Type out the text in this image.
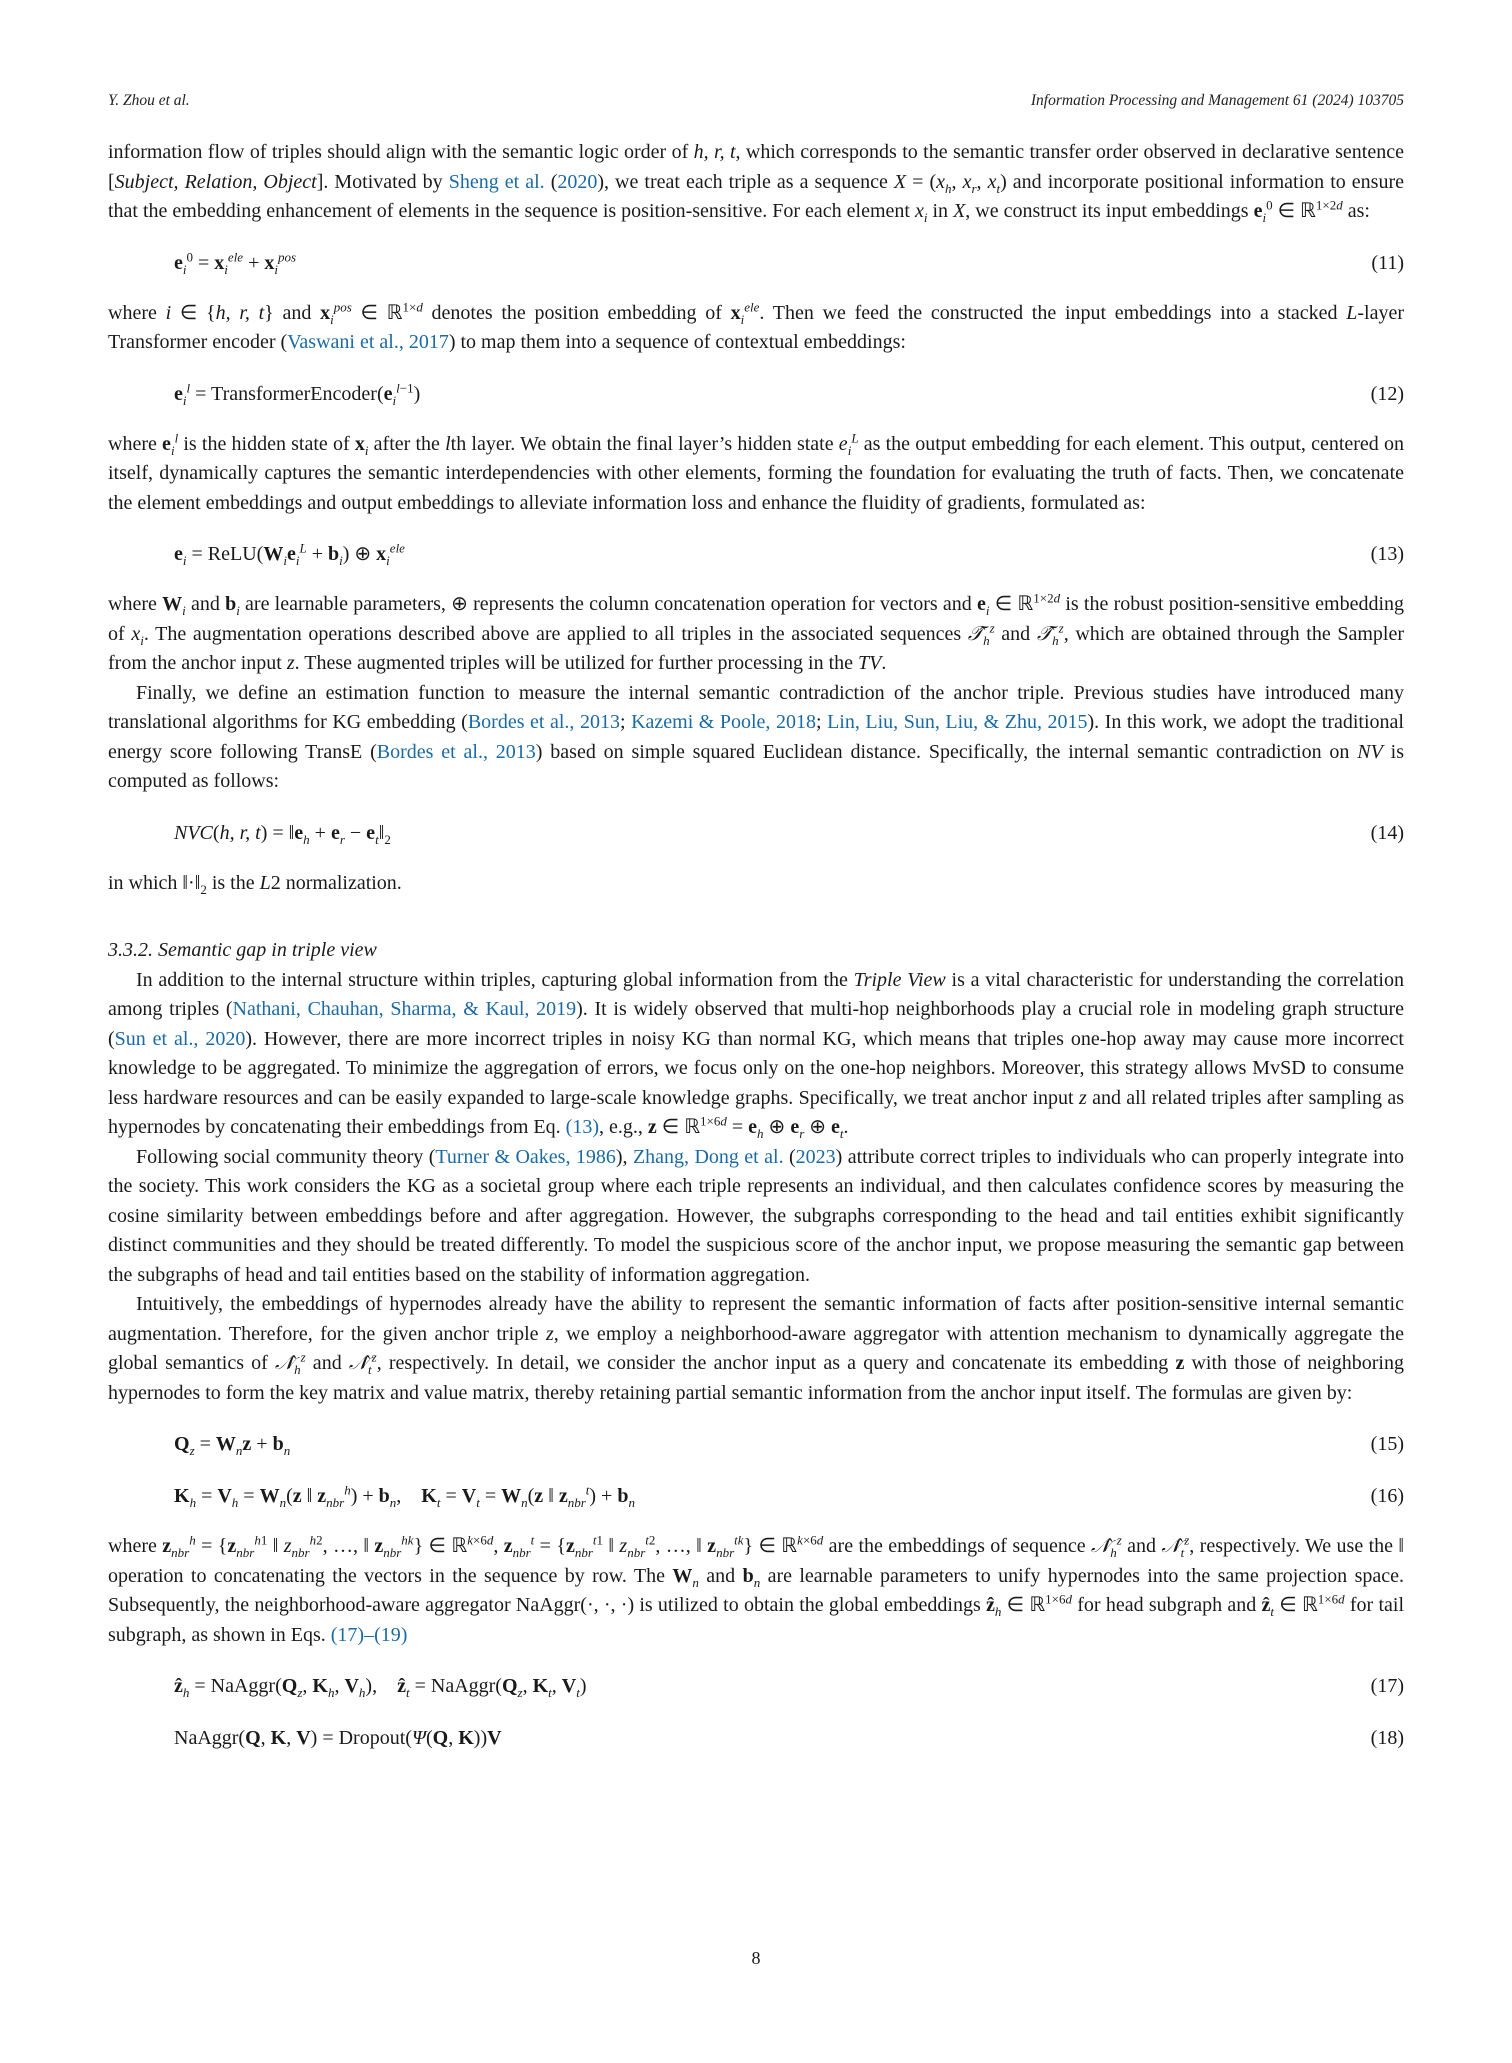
Y. Zhou et al.	Information Processing and Management 61 (2024) 103705

information flow of triples should align with the semantic logic order of h, r, t, which corresponds to the semantic transfer order observed in declarative sentence [Subject, Relation, Object]. Motivated by Sheng et al. (2020), we treat each triple as a sequence $X = (x_h$, $x_r$, $x_t$) and incorporate positional information to ensure that the embedding enhancement of elements in the sequence is position-sensitive. For each element $x_i$ in X, we construct its input embeddings $e_i^0$ ∈ ℝ$^{1\times 2d}$ as:

$e_i^0 = x_i^{ele} + x_i^{pos}$	(11)

where i ∈ {h, r, t} and $x_i^{pos}$ ∈ ℝ$^{1\times d}$ denotes the position embedding of $x_i^{ele}$. Then we feed the constructed the input embeddings into a stacked L-layer Transformer encoder (Vaswani et al., 2017) to map them into a sequence of contextual embeddings:

$e_i^l$ = $TransformerEncoder(e_i^{l-1})$	(12)

where $e_i^l$ is the hidden state of $x_i$ after the lth layer. We obtain the final layer’s hidden state $e_i^L$ as the output embedding for each element. This output, centered on itself, dynamically captures the semantic interdependencies with other elements, forming the foundation for evaluating the truth of facts. Then, we concatenate the element embeddings and output embeddings to alleviate information loss and enhance the fluidity of gradients, formulated as:

$e_i$ = $ReLU(W_ie_i^L + b_i)$ ⊕ $x_i^{ele}$	(13)

where $W_i$ and $b_i$ are learnable parameters, ⊕ represents the column concatenation operation for vectors and $e_i$ ∈ ℝ$^{1\times 2d}$ is the robust position-sensitive embedding of $x_i$. The augmentation operations described above are applied to all triples in the associated sequences $𝒯̂_h^z$ and $𝒯̂_h^z$, which are obtained through the Sampler from the anchor input z. These augmented triples will be utilized for further processing in the TV.

Finally, we define an estimation function to measure the internal semantic contradiction of the anchor triple. Previous studies have introduced many translational algorithms for KG embedding (Bordes et al., 2013; Kazemi & Poole, 2018; Lin, Liu, Sun, Liu, & Zhu, 2015). In this work, we adopt the traditional energy score following TransE (Bordes et al., 2013) based on simple squared Euclidean distance. Specifically, the internal semantic contradiction on NV is computed as follows:

NVC(h, r, $t) = ‖e_h + e_r$ − $e_t‖_2$	(14)

in which $‖\cdot‖_2$ is the L2 normalization.

3.3.2. Semantic gap in triple view

In addition to the internal structure within triples, capturing global information from the Triple View is a vital characteristic for understanding the correlation among triples (Nathani, Chauhan, Sharma, & Kaul, 2019). It is widely observed that multi-hop neighborhoods play a crucial role in modeling graph structure (Sun et al., 2020). However, there are more incorrect triples in noisy KG than normal KG, which means that triples one-hop away may cause more incorrect knowledge to be aggregated. To minimize the aggregation of errors, we focus only on the one-hop neighbors. Moreover, this strategy allows MvSD to consume less hardware resources and can be easily expanded to large-scale knowledge graphs. Specifically, we treat anchor input z and all related triples after sampling as hypernodes by concatenating their embeddings from Eq. (13), e.g., z ∈ ℝ$^{1\times 6d}$ = $e_h$ ⊕ $e_r$ ⊕ $e_t$.

Following social community theory (Turner & Oakes, 1986), Zhang, Dong et al. (2023) attribute correct triples to individuals who can properly integrate into the society. This work considers the KG as a societal group where each triple represents an individual, and then calculates confidence scores by measuring the cosine similarity between embeddings before and after aggregation. However, the subgraphs corresponding to the head and tail entities exhibit significantly distinct communities and they should be treated differently. To model the suspicious score of the anchor input, we propose measuring the semantic gap between the subgraphs of head and tail entities based on the stability of information aggregation.

Intuitively, the embeddings of hypernodes already have the ability to represent the semantic information of facts after position-sensitive internal semantic augmentation. Therefore, for the given anchor triple z, we employ a neighborhood-aware aggregator with attention mechanism to dynamically aggregate the global semantics of $𝒩̂_h^z$ and $𝒩̂_t^z$, respectively. In detail, we consider the anchor input as a query and concatenate its embedding z with those of neighboring hypernodes to form the key matrix and value matrix, thereby retaining partial semantic information from the anchor input itself. The formulas are given by:

$Q_z = W_nz + b_n$	(15)
$K_h = V_h = W_n(z$ ‖ $z_{nbr}^h) + b_n$,    $K_t = V_t = W_n(z$ ‖ $z_{nbr}^t) + b_n$	(16)

where $z_{nbr}^h = \{z_{nbr}^{h1}$ ‖ $z_{nbr}^{h2}$, …, ‖ $z_{nbr}^{hk}$} ∈ ℝ$^{k\times 6d}$, $z_{nbr}^t = \{z_{nbr}^{t1}$ ‖ $z_{nbr}^{t2}$, …, ‖ $z_{nbr}^{tk}$} ∈ ℝ$^{k\times 6d}$ are the embeddings of sequence $𝒩̂_h^z$ and $𝒩̂_t^z$, respectively. We use the ‖ operation to concatenating the vectors in the sequence by row. The $W_n$ and $b_n$ are learnable parameters to unify hypernodes into the same projection space. Subsequently, the neighborhood-aware aggregator NaAggr(·, ·, ·) is utilized to obtain the global embeddings ẑ$_h$ ∈ ℝ$^{1\times 6d}$ for head subgraph and ẑ$_t$ ∈ ℝ$^{1\times 6d}$ for tail subgraph, as shown in Eqs. (17)–(19)

ẑ$_h$ = $NaAggr(Q_z$, $K_h$, $V_h$),    ẑ$_t$ = $NaAggr(Q_z$, $K_t$, $V_t$)	(17)
NaAggr(Q, K, V) = Dropout(Ψ(Q, K))V	(18)
8
